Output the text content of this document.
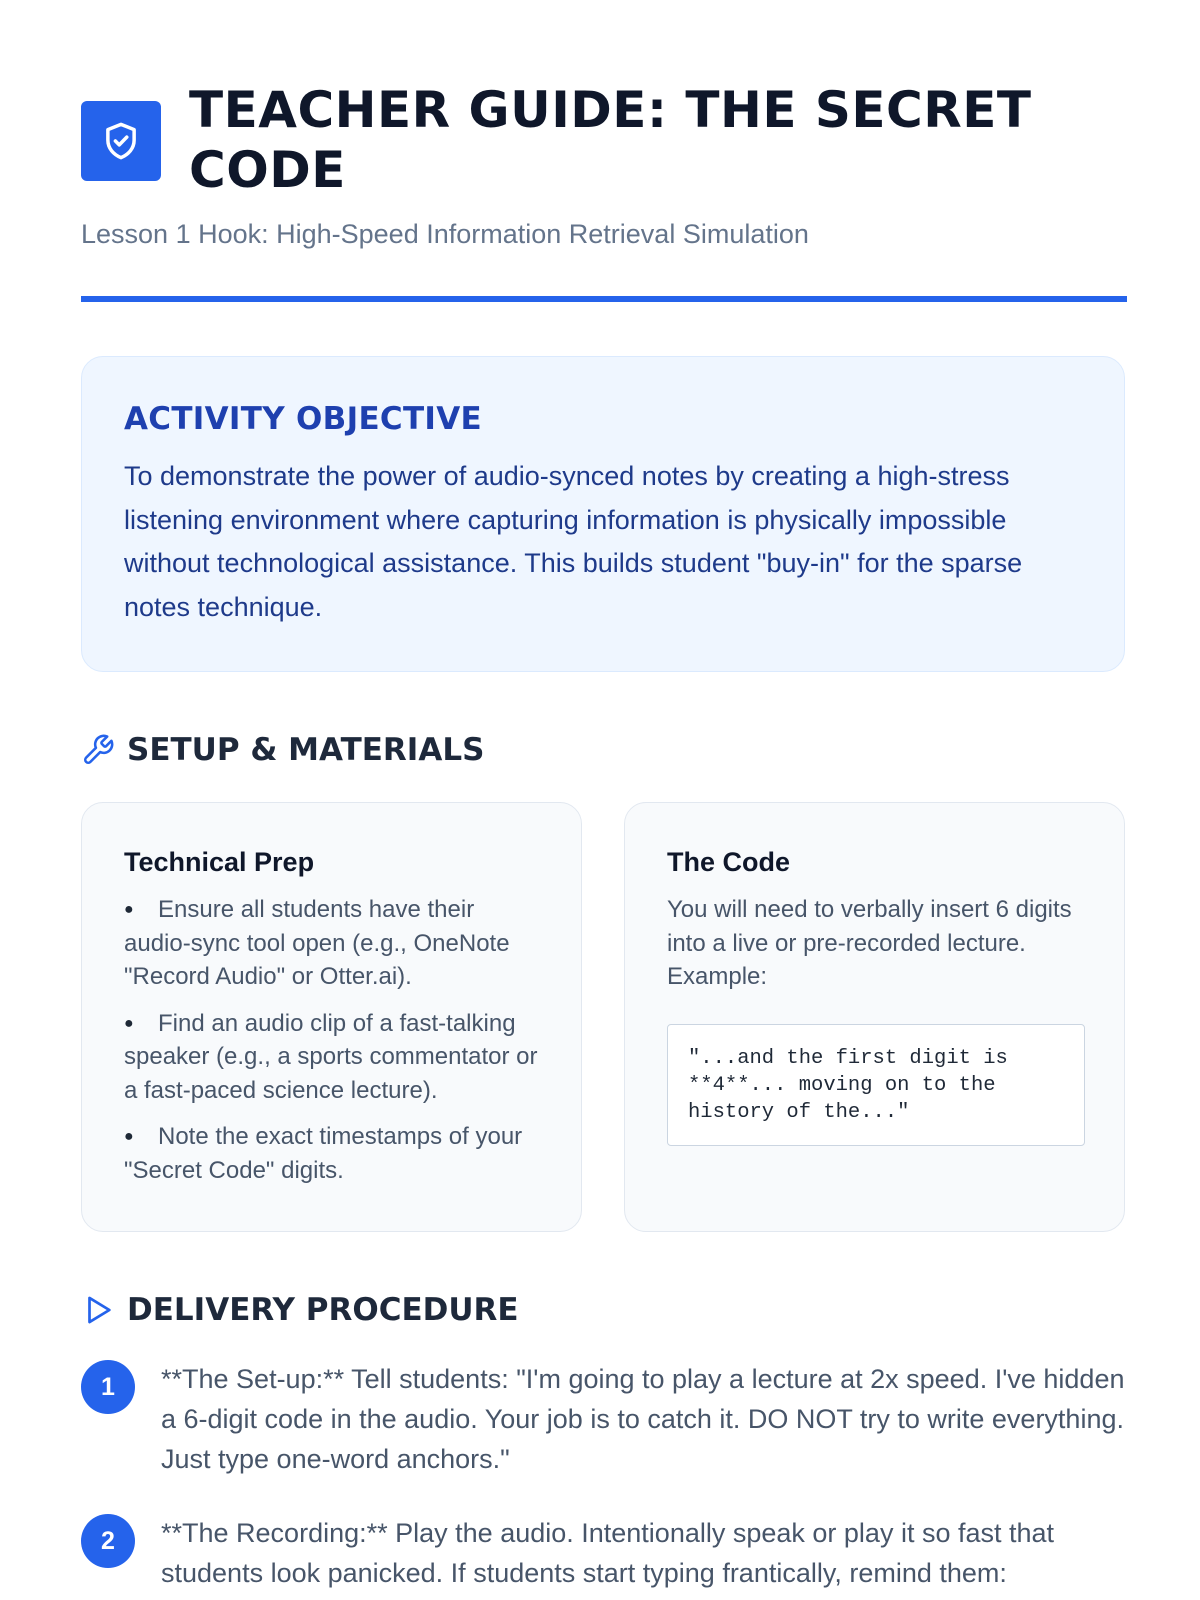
TEACHER GUIDE: THE SECRET CODE

Lesson 1 Hook: High-Speed Information Retrieval Simulation

ACTIVITY OBJECTIVE

To demonstrate the power of audio-synced notes by creating a high-stress listening environment where capturing information is physically impossible without technological assistance. This builds student "buy-in" for the sparse notes technique.

SETUP & MATERIALS
Technical Prep
● Ensure all students have their audio-sync tool open (e.g., OneNote "Record Audio" or Otter.ai).
● Find an audio clip of a fast-talking speaker (e.g., a sports commentator or a fast-paced science lecture).
● Note the exact timestamps of your "Secret Code" digits.
The Code

You will need to verbally insert 6 digits into a live or pre-recorded lecture. Example:

"...and the first digit is **4**... moving on to the history of the..."
DELIVERY PROCEDURE
1	**The Set-up:** Tell students: "I'm going to play a lecture at 2x speed. I've hidden a 6-digit code in the audio. Your job is to catch it. DO NOT try to write everything. Just type one-word anchors."

2	**The Recording:** Play the audio. Intentionally speak or play it so fast that students look panicked. If students start typing frantically, remind them:
